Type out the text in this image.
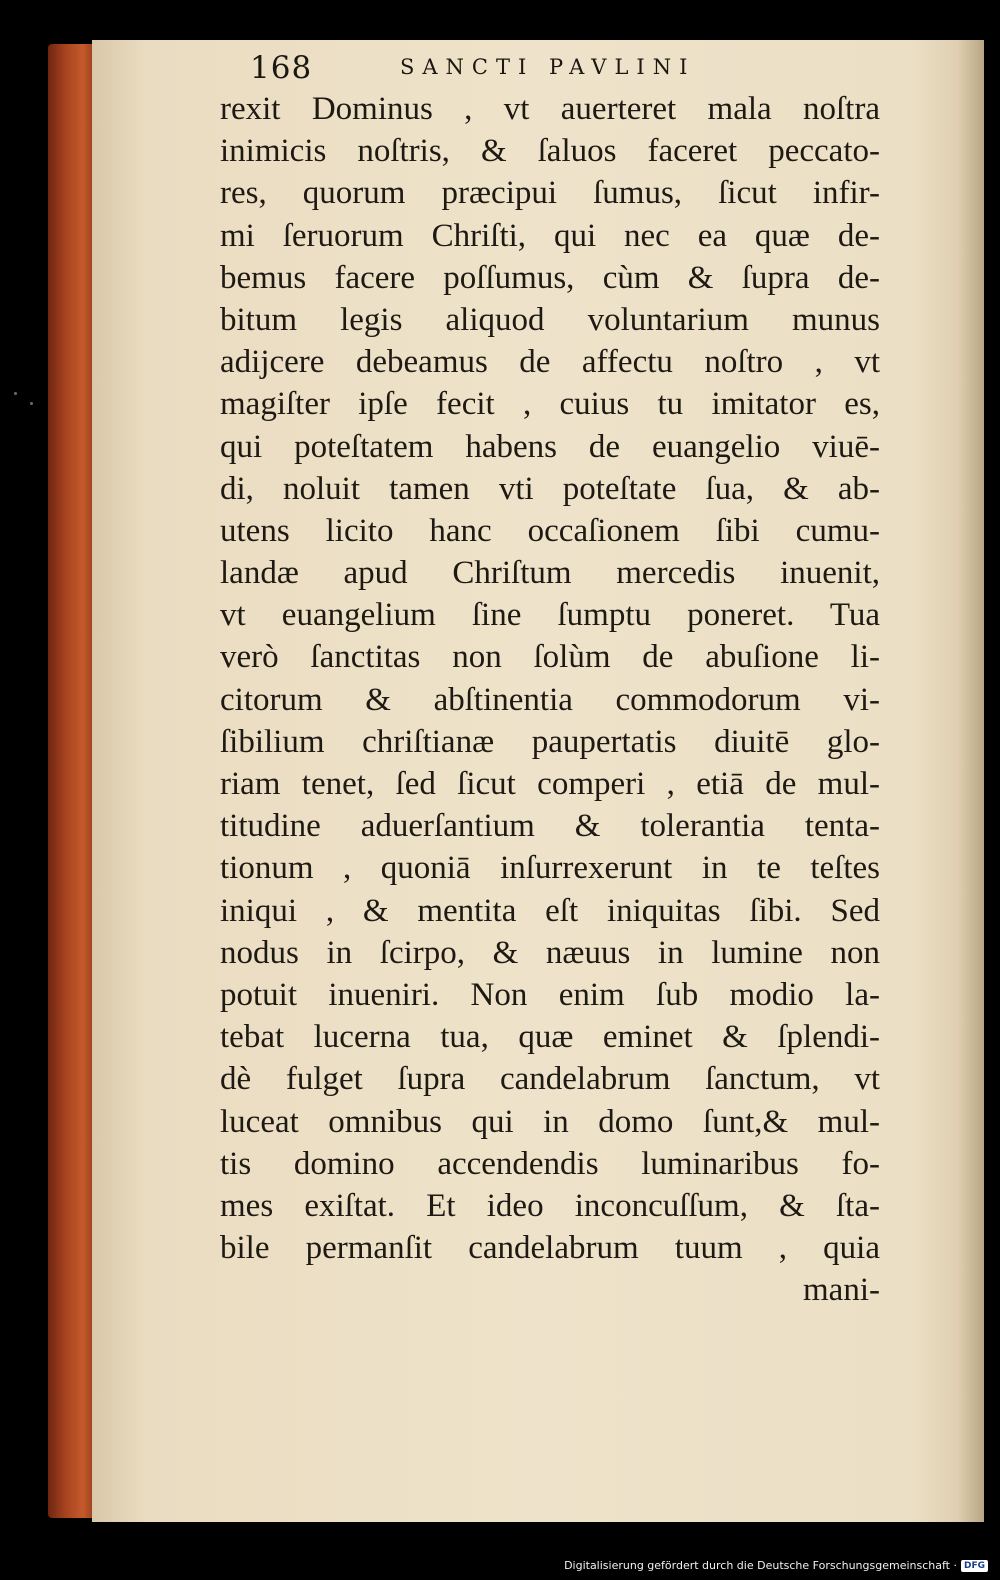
168	SANCTI PAVLINI
rexit Dominus , vt auerteret mala noſtra
inimicis noſtris, & ſaluos faceret peccato-
res, quorum præcipui ſumus, ſicut infir-
mi ſeruorum Chriſti, qui nec ea quæ de-
bemus facere poſſumus, cùm & ſupra de-
bitum legis aliquod voluntarium munus
adijcere debeamus de affectu noſtro , vt
magiſter ipſe fecit , cuius tu imitator es,
qui poteſtatem habens de euangelio viuē-
di, noluit tamen vti poteſtate ſua, & ab-
utens licito hanc occaſionem ſibi cumu-
landæ apud Chriſtum mercedis inuenit,
vt euangelium ſine ſumptu poneret. Tua
verò ſanctitas non ſolùm de abuſione li-
citorum & abſtinentia commodorum vi-
ſibilium chriſtianæ paupertatis diuitē glo-
riam tenet, ſed ſicut comperi , etiā de mul-
titudine aduerſantium & tolerantia tenta-
tionum , quoniā inſurrexerunt in te teſtes
iniqui , & mentita eſt iniquitas ſibi. Sed
nodus in ſcirpo, & næuus in lumine non
potuit inueniri. Non enim ſub modio la-
tebat lucerna tua, quæ eminet & ſplendi-
dè fulget ſupra candelabrum ſanctum, vt
luceat omnibus qui in domo ſunt,& mul-
tis domino accendendis luminaribus fo-
mes exiſtat. Et ideo inconcuſſum, & ſta-
bile permanſit candelabrum tuum , quia
mani-
Digitalisierung gefördert durch die Deutsche Forschungsgemeinschaft · DFG
